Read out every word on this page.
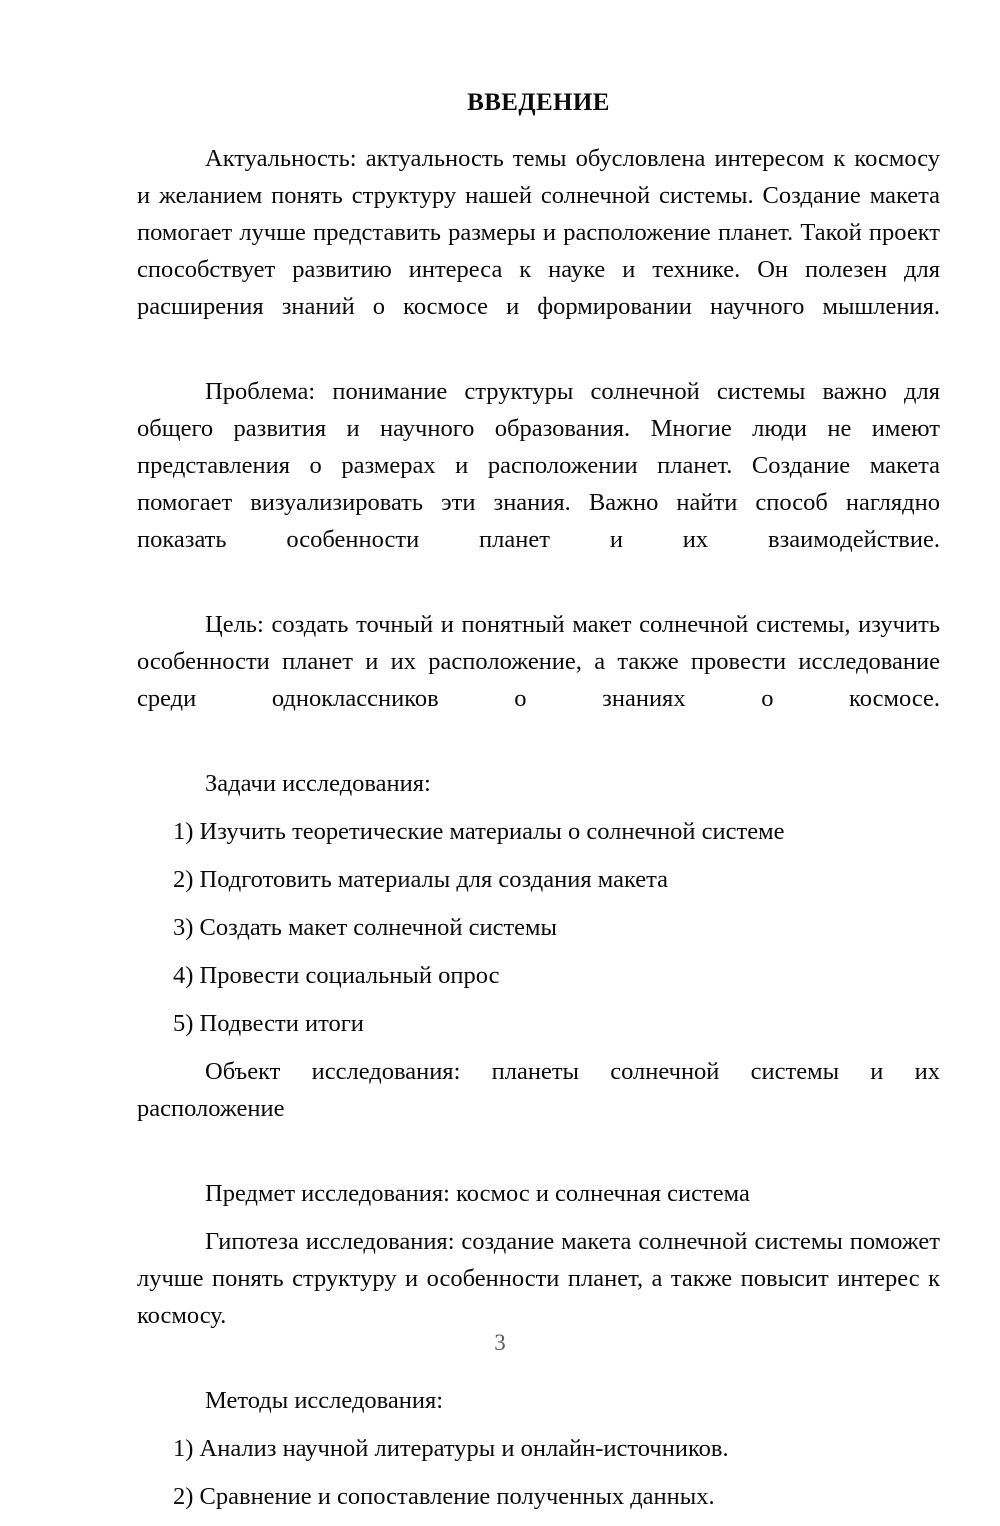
ВВЕДЕНИЕ

Актуальность: актуальность темы обусловлена интересом к космосу и желанием понять структуру нашей солнечной системы. Создание макета помогает лучше представить размеры и расположение планет. Такой проект способствует развитию интереса к науке и технике. Он полезен для расширения знаний о космосе и формировании научного мышления.

Проблема: понимание структуры солнечной системы важно для общего развития и научного образования. Многие люди не имеют представления о размерах и расположении планет. Создание макета помогает визуализировать эти знания. Важно найти способ наглядно показать особенности планет и их взаимодействие.

Цель: создать точный и понятный макет солнечной системы, изучить особенности планет и их расположение, а также провести исследование среди одноклассников о знаниях о космосе.

Задачи исследования:

1) Изучить теоретические материалы о солнечной системе
2) Подготовить материалы для создания макета
3) Создать макет солнечной системы
4) Провести социальный опрос
5) Подвести итоги

Объект исследования: планеты солнечной системы и их расположение

Предмет исследования: космос и солнечная система

Гипотеза исследования: создание макета солнечной системы поможет лучше понять структуру и особенности планет, а также повысит интерес к космосу.

Методы исследования:

1) Анализ научной литературы и онлайн-источников.
2) Сравнение и сопоставление полученных данных.
3
